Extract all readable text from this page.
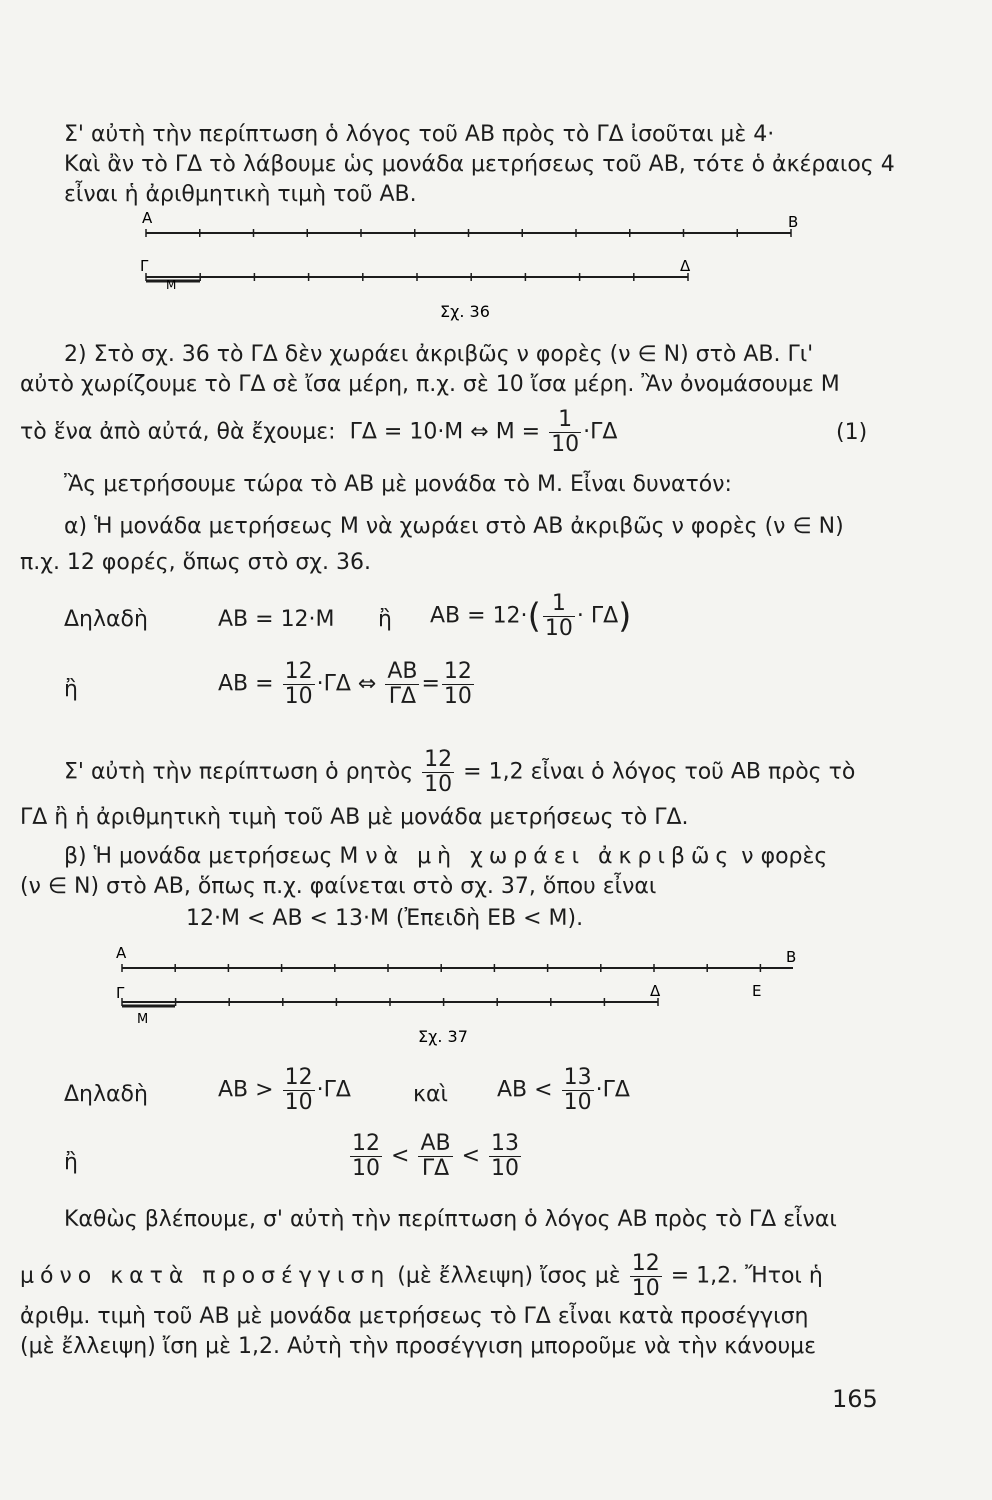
Σ' αὐτὴ τὴν περίπτωση ὁ λόγος τοῦ ΑΒ πρὸς τὸ ΓΔ ἰσοῦται μὲ 4·
Καὶ ἂν τὸ ΓΔ τὸ λάβουμε ὡς μονάδα μετρήσεως τοῦ ΑΒ, τότε ὁ ἀκέραιος 4
εἶναι ἡ ἀριθμητικὴ τιμὴ τοῦ ΑΒ.
Α	Β
Γ
Μ
Δ
Σχ. 36
2) Στὸ σχ. 36 τὸ ΓΔ δὲν χωράει ἀκριβῶς ν φορὲς (ν ∈ Ν) στὸ ΑΒ. Γι'
αὐτὸ χωρίζουμε τὸ ΓΔ σὲ ἴσα μέρη, π.χ. σὲ 10 ἴσα μέρη. Ἂν ὀνομάσουμε Μ
τὸ ἕνα ἀπὸ αὐτά, θὰ ἔχουμε: ΓΔ = 10·Μ ⇔ $M = \frac{1}{10} \cdot\Gamma\Delta$	(1)
Ἂς μετρήσουμε τώρα τὸ ΑΒ μὲ μονάδα τὸ Μ. Εἶναι δυνατόν:
α) Ἡ μονάδα μετρήσεως Μ νὰ χωράει στὸ ΑΒ ἀκριβῶς ν φορὲς (ν ∈ Ν)
π.χ. 12 φορές, ὅπως στὸ σχ. 36.
Δηλαδὴ	ΑΒ = 12·Μ ἢ $AB = 12\cdot( \frac{1}{10} \cdot \Gamma\Delta)$
ἢ	$AB = \frac{12}{10} \cdot\Gamma\Delta$ ⇔ $\frac{AB}{\Gamma\Delta} = \frac{12}{10}$
Σ' αὐτὴ τὴν περίπτωση ὁ ρητὸς $\frac{12}{10} = 1,2$ εἶναι ὁ λόγος τοῦ ΑΒ πρὸς τὸ
ΓΔ ἢ ἡ ἀριθμητικὴ τιμὴ τοῦ ΑΒ μὲ μονάδα μετρήσεως τὸ ΓΔ.
β) Ἡ μονάδα μετρήσεως Μ νὰ μὴ χωράει ἀκριβῶς ν φορὲς
(ν ∈ Ν) στὸ ΑΒ, ὅπως π.χ. φαίνεται στὸ σχ. 37, ὅπου εἶναι
12·Μ < ΑΒ < 13·Μ (Ἐπειδὴ ΕΒ < Μ).
Α	Β
Γ
Μ
Δ	Ε
Σχ. 37
Δηλαδὴ	$AB > \frac{12}{10} \cdot\Gamma\Delta$	καὶ $AB < \frac{13}{10} \cdot\Gamma\Delta$
ἢ	$\frac{12}{10} < \frac{AB}{\Gamma\Delta} < \frac{13}{10}$
Καθὼς βλέπουμε, σ' αὐτὴ τὴν περίπτωση ὁ λόγος ΑΒ πρὸς τὸ ΓΔ εἶναι
μόνο κατὰ προσέγγιση (μὲ ἔλλειψη) ἴσος μὲ $\frac{12}{10} = 1,2$. Ἤτοι ἡ
ἀριθμ. τιμὴ τοῦ ΑΒ μὲ μονάδα μετρήσεως τὸ ΓΔ εἶναι κατὰ προσέγγιση
(μὲ ἔλλειψη) ἴση μὲ 1,2. Αὐτὴ τὴν προσέγγιση μποροῦμε νὰ τὴν κάνουμε
165
